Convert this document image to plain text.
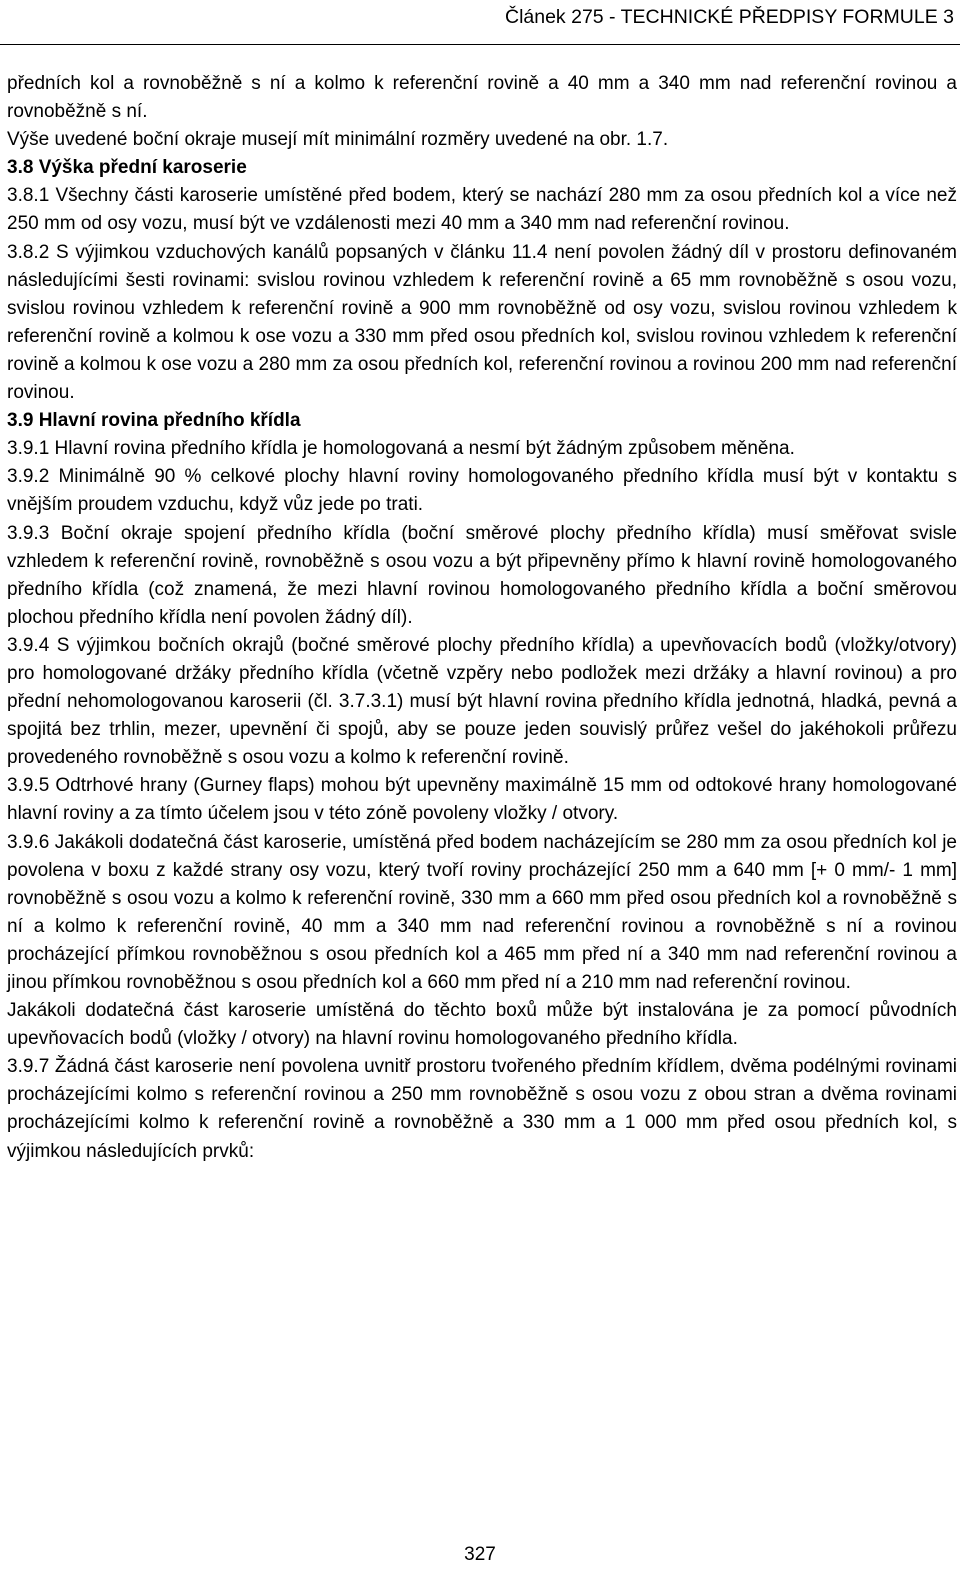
Článek 275 - TECHNICKÉ PŘEDPISY FORMULE 3

předních kol a rovnoběžně s ní a kolmo k referenční rovině a 40 mm a 340 mm nad referenční rovinou a rovnoběžně s ní.

Výše uvedené boční okraje musejí mít minimální rozměry uvedené na obr. 1.7.

3.8 Výška přední karoserie

3.8.1 Všechny části karoserie umístěné před bodem, který se nachází 280 mm za osou předních kol a více než 250 mm od osy vozu, musí být ve vzdálenosti mezi 40 mm a 340 mm nad referenční rovinou.

3.8.2 S výjimkou vzduchových kanálů popsaných v článku 11.4 není povolen žádný díl v prostoru definovaném následujícími šesti rovinami: svislou rovinou vzhledem k referenční rovině a 65 mm rovnoběžně s osou vozu, svislou rovinou vzhledem k referenční rovině a 900 mm rovnoběžně od osy vozu, svislou rovinou vzhledem k referenční rovině a kolmou k ose vozu a 330 mm před osou předních kol, svislou rovinou vzhledem k referenční rovině a kolmou k ose vozu a 280 mm za osou předních kol, referenční rovinou a rovinou 200 mm nad referenční rovinou.

3.9 Hlavní rovina předního křídla

3.9.1 Hlavní rovina předního křídla je homologovaná a nesmí být žádným způsobem měněna.

3.9.2 Minimálně 90 % celkové plochy hlavní roviny homologovaného předního křídla musí být v kontaktu s vnějším proudem vzduchu, když vůz jede po trati.

3.9.3 Boční okraje spojení předního křídla (boční směrové plochy předního křídla) musí směřovat svisle vzhledem k referenční rovině, rovnoběžně s osou vozu a být připevněny přímo k hlavní rovině homologovaného předního křídla (což znamená, že mezi hlavní rovinou homologovaného předního křídla a boční směrovou plochou předního křídla není povolen žádný díl).

3.9.4 S výjimkou bočních okrajů (bočné směrové plochy předního křídla) a upevňovacích bodů (vložky/otvory) pro homologované držáky předního křídla (včetně vzpěry nebo podložek mezi držáky a hlavní rovinou) a pro přední nehomologovanou karoserii (čl. 3.7.3.1) musí být hlavní rovina předního křídla jednotná, hladká, pevná a spojitá bez trhlin, mezer, upevnění či spojů, aby se pouze jeden souvislý průřez vešel do jakéhokoli průřezu provedeného rovnoběžně s osou vozu a kolmo k referenční rovině.

3.9.5 Odtrhové hrany (Gurney flaps) mohou být upevněny maximálně 15 mm od odtokové hrany homologované hlavní roviny a za tímto účelem jsou v této zóně povoleny vložky / otvory.

3.9.6 Jakákoli dodatečná část karoserie, umístěná před bodem nacházejícím se 280 mm za osou předních kol je povolena v boxu z každé strany osy vozu, který tvoří roviny procházející 250 mm a 640 mm [+ 0 mm/- 1 mm] rovnoběžně s osou vozu a kolmo k referenční rovině, 330 mm a 660 mm před osou předních kol a rovnoběžně s ní a kolmo k referenční rovině, 40 mm a 340 mm nad referenční rovinou a rovnoběžně s ní a rovinou procházející přímkou rovnoběžnou s osou předních kol a 465 mm před ní a 340 mm nad referenční rovinou a jinou přímkou rovnoběžnou s osou předních kol a 660 mm před ní a 210 mm nad referenční rovinou.

Jakákoli dodatečná část karoserie umístěná do těchto boxů může být instalována je za pomocí původních upevňovacích bodů (vložky / otvory) na hlavní rovinu homologovaného předního křídla.

3.9.7 Žádná část karoserie není povolena uvnitř prostoru tvořeného předním křídlem, dvěma podélnými rovinami procházejícími kolmo s referenční rovinou a 250 mm rovnoběžně s osou vozu z obou stran a dvěma rovinami procházejícími kolmo k referenční rovině a rovnoběžně a 330 mm a 1 000 mm před osou předních kol, s výjimkou následujících prvků:

327
